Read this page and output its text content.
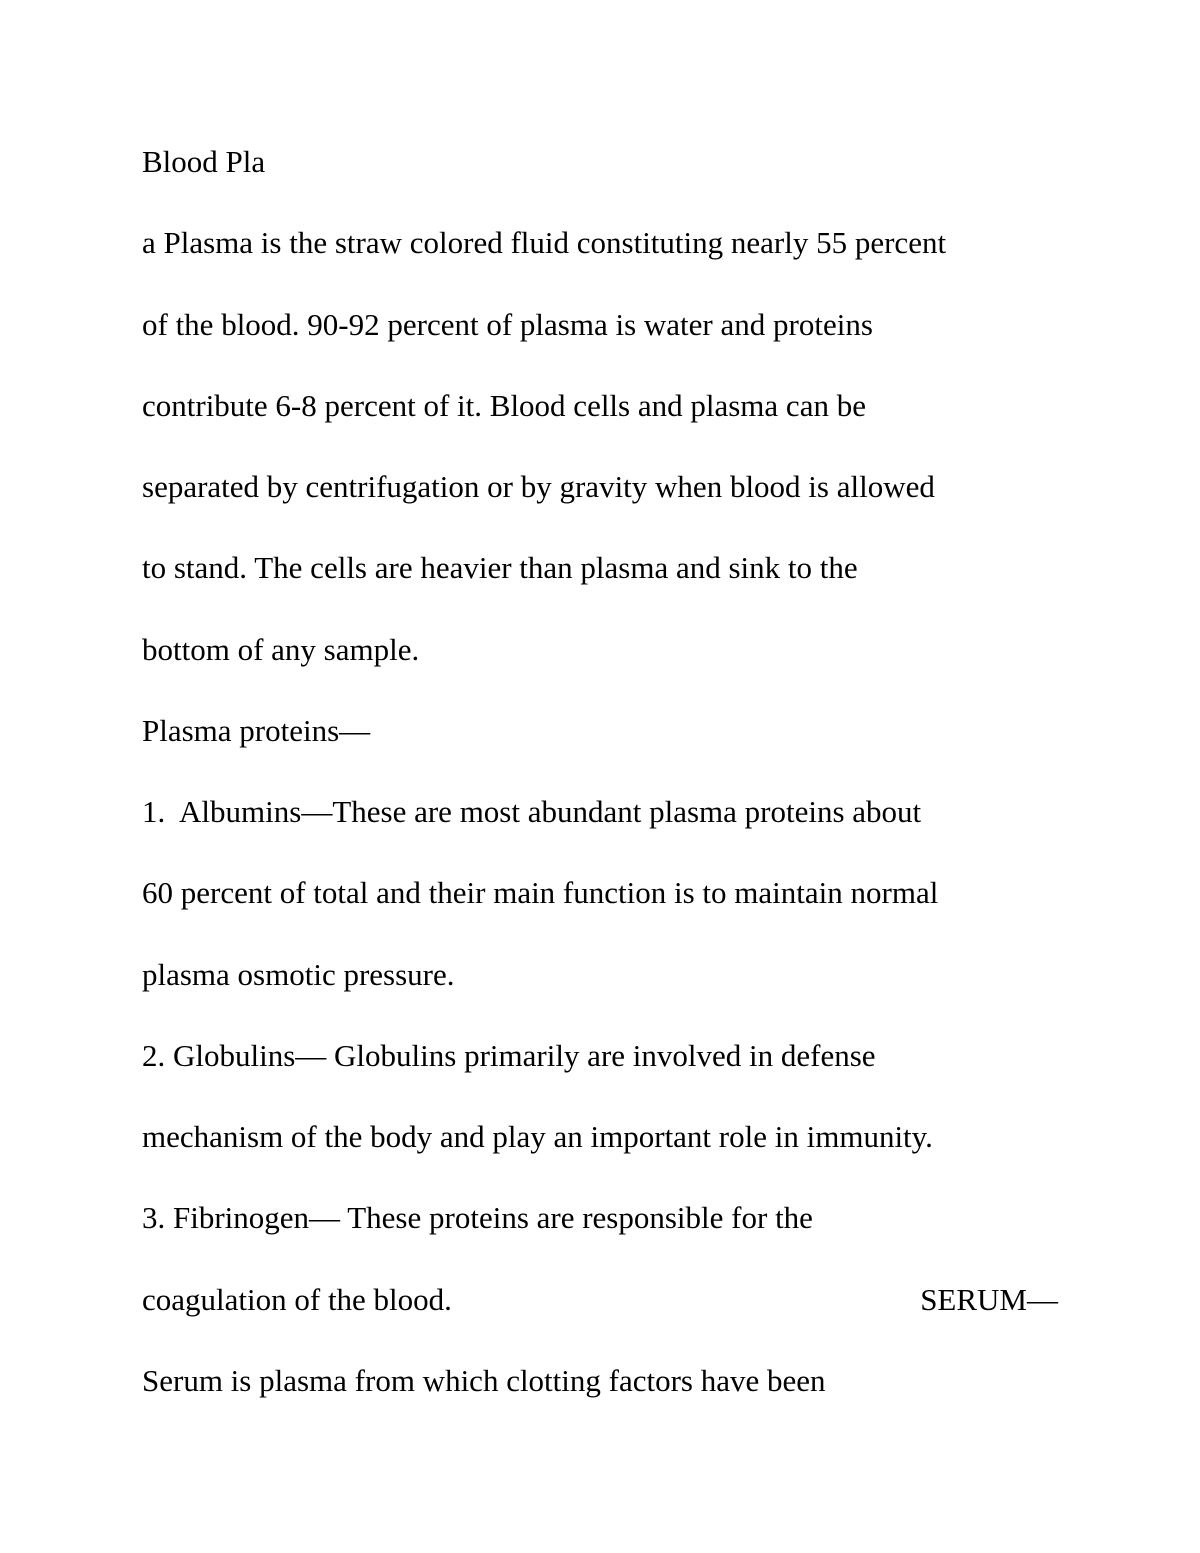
Blood Pla
a Plasma is the straw colored fluid constituting nearly 55 percent
of the blood. 90-92 percent of plasma is water and proteins
contribute 6-8 percent of it. Blood cells and plasma can be
separated by centrifugation or by gravity when blood is allowed
to stand. The cells are heavier than plasma and sink to the
bottom of any sample.
Plasma proteins—
1.  Albumins—These are most abundant plasma proteins about
60 percent of total and their main function is to maintain normal
plasma osmotic pressure.
2. Globulins— Globulins primarily are involved in defense
mechanism of the body and play an important role in immunity.
3. Fibrinogen— These proteins are responsible for the
coagulation of the blood.	SERUM—
Serum is plasma from which clotting factors have been
